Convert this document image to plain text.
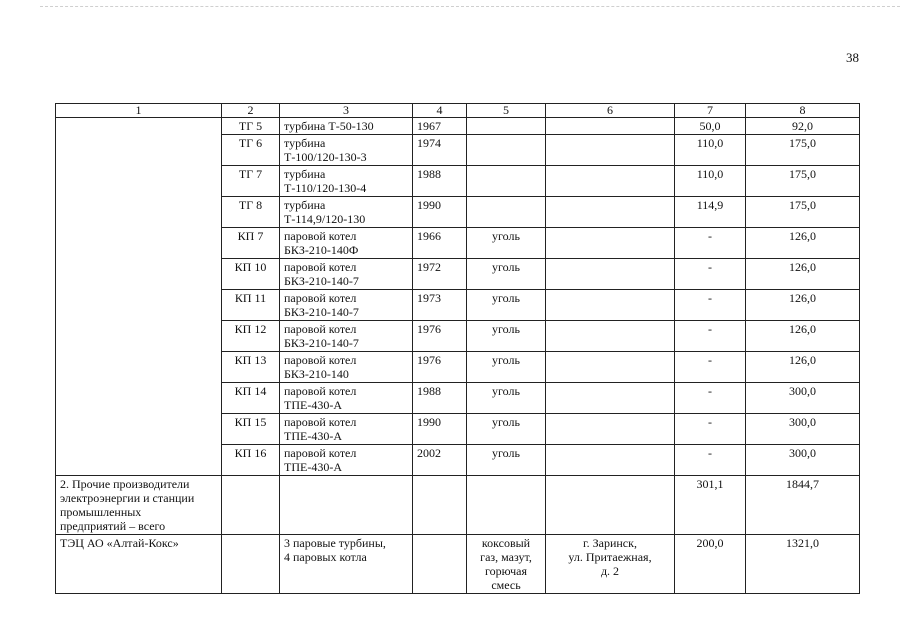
38
1	2	3	4	5	6	7	8
	ТГ 5	турбина Т-50-130	1967			50,0	92,0
	ТГ 6	турбина
Т-100/120-130-3	1974			110,0	175,0
	ТГ 7	турбина
Т-110/120-130-4	1988			110,0	175,0
	ТГ 8	турбина
Т-114,9/120-130	1990			114,9	175,0
	КП 7	паровой котел
БКЗ-210-140Ф	1966	уголь		-	126,0
	КП 10	паровой котел
БКЗ-210-140-7	1972	уголь		-	126,0
	КП 11	паровой котел
БКЗ-210-140-7	1973	уголь		-	126,0
	КП 12	паровой котел
БКЗ-210-140-7	1976	уголь		-	126,0
	КП 13	паровой котел
БКЗ-210-140	1976	уголь		-	126,0
	КП 14	паровой котел
ТПЕ-430-А	1988	уголь		-	300,0
	КП 15	паровой котел
ТПЕ-430-А	1990	уголь		-	300,0
	КП 16	паровой котел
ТПЕ-430-А	2002	уголь		-	300,0
2. Прочие производители
электроэнергии и станции
промышленных
предприятий – всего						301,1	1844,7
ТЭЦ АО «Алтай-Кокс»		3 паровые турбины,
4 паровых котла		коксовый
газ, мазут,
горючая
смесь	г. Заринск,
ул. Притаежная,
д. 2	200,0	1321,0
